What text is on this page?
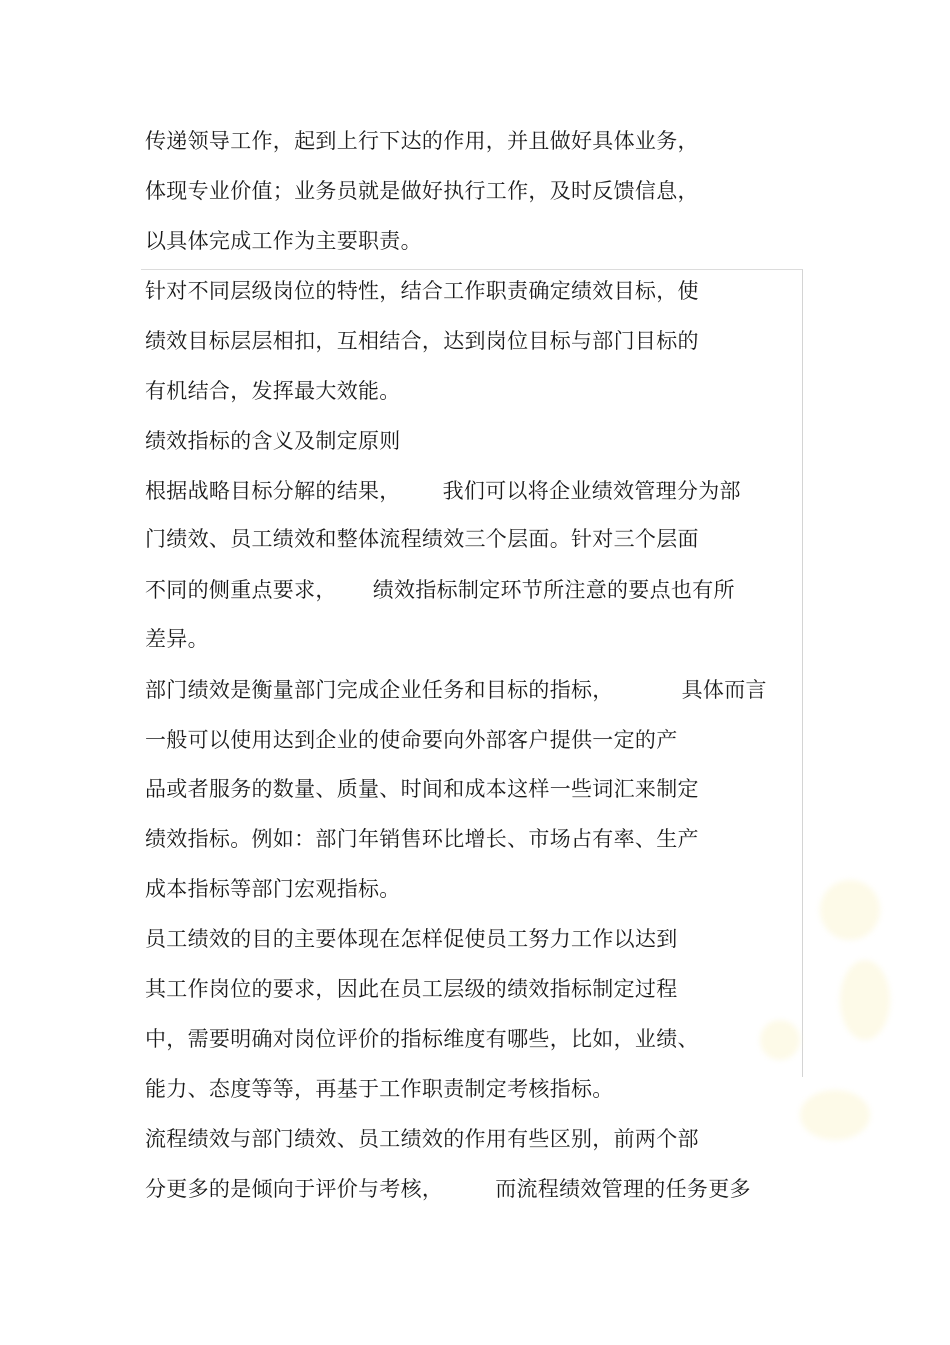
传递领导工作，起到上行下达的作用，并且做好具体业务，
体现专业价值；业务员就是做好执行工作，及时反馈信息，
以具体完成工作为主要职责。
针对不同层级岗位的特性，结合工作职责确定绩效目标，使
绩效目标层层相扣，互相结合，达到岗位目标与部门目标的
有机结合，发挥最大效能。
绩效指标的含义及制定原则
根据战略目标分解的结果， 我们可以将企业绩效管理分为部
门绩效、员工绩效和整体流程绩效三个层面。针对三个层面
不同的侧重点要求， 绩效指标制定环节所注意的要点也有所
差异。
部门绩效是衡量部门完成企业任务和目标的指标，	具体而言
一般可以使用达到企业的使命要向外部客户提供一定的产
品或者服务的数量、质量、时间和成本这样一些词汇来制定
绩效指标。例如：部门年销售环比增长、市场占有率、生产
成本指标等部门宏观指标。
员工绩效的目的主要体现在怎样促使员工努力工作以达到
其工作岗位的要求，因此在员工层级的绩效指标制定过程
中，需要明确对岗位评价的指标维度有哪些，比如，业绩、
能力、态度等等，再基于工作职责制定考核指标。
流程绩效与部门绩效、员工绩效的作用有些区别，前两个部
分更多的是倾向于评价与考核， 而流程绩效管理的任务更多
